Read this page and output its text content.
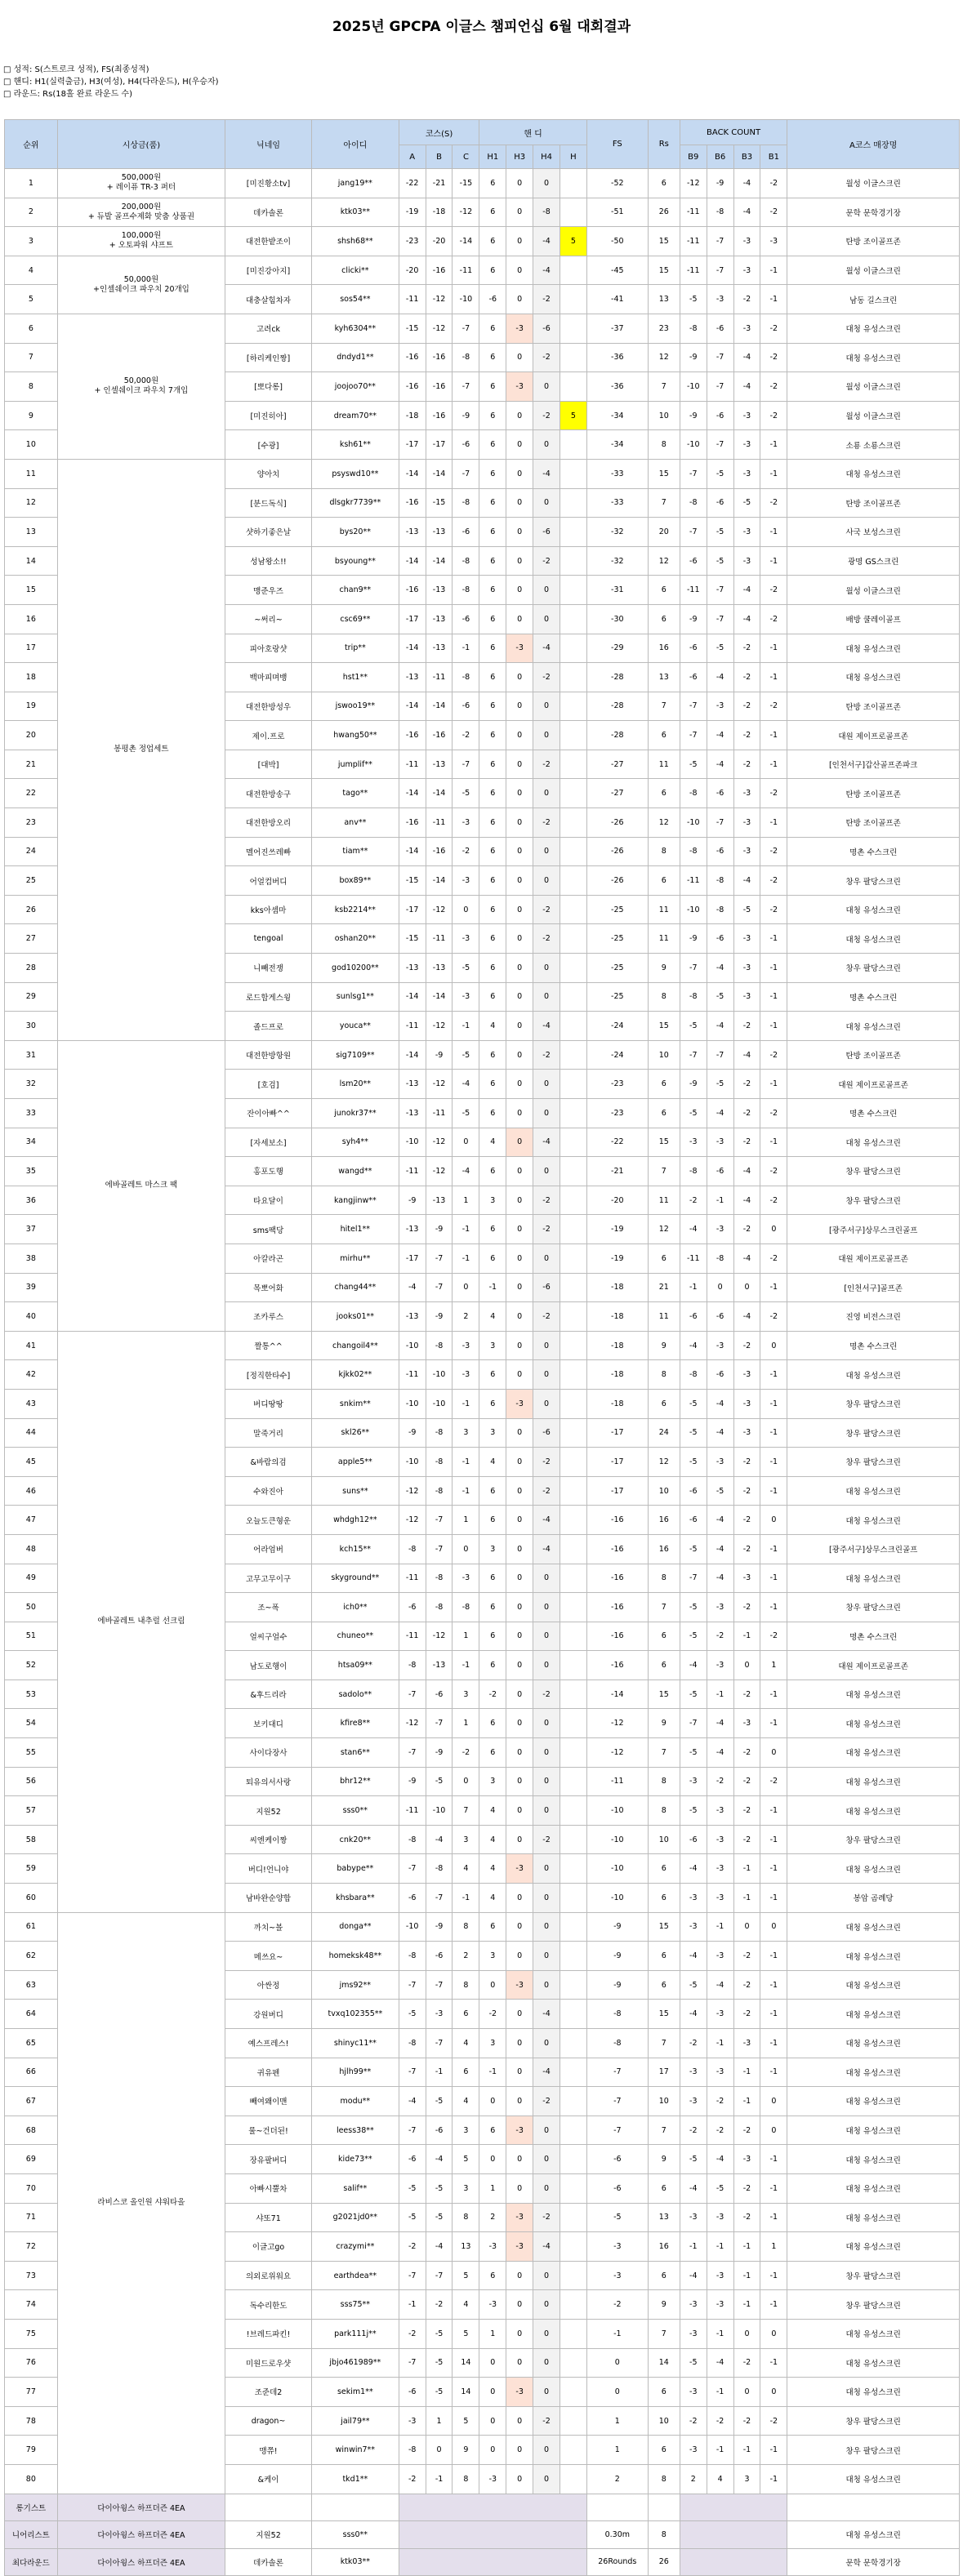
2025년 GPCPA 이글스 챔피언십 6월 대회결과
□ 성적: S(스트로크 성적), FS(최종성적)
□ 핸디: H1(실력출금), H3(여성), H4(다라운드), H(우승자)
□ 라운드: Rs(18홀 완료 라운드 수)
순위	시상금(품)	닉네임	아이디	코스(S)			핸 디				FS	Rs	BACK COUNT				A코스 매장명
				A	B	C	H1	H3	H4	H			B9	B6	B3	B1	
1	500,000원
+ 레이퓨 TR-3 퍼터	[미진황소tv]	jang19**	-22	-21	-15	6	0	0		-52	6	-12	-9	-4	-2	월성 이글스크린
2	200,000원
+ 듀발 골프수제화 맞춤 상품권	데카솔론	ktk03**	-19	-18	-12	6	0	-8		-51	26	-11	-8	-4	-2	문학 문학경기장
3	100,000원
+ 오토파워 샤프트	대전한밭조이	shsh68**	-23	-20	-14	6	0	-4	5	-50	15	-11	-7	-3	-3	탄방 조이골프존
4	50,000원
+인셀쉐이크 파우치 20개입	[미진강아지]	clicki**	-20	-16	-11	6	0	-4		-45	15	-11	-7	-3	-1	월성 이글스크린
5		대충살힘차자	sos54**	-11	-12	-10	-6	0	-2		-41	13	-5	-3	-2	-1	남동 길스크린
6	50,000원
+ 인셀쉐이크 파우치 7개입	고려ck	kyh6304**	-15	-12	-7	6	-3	-6		-37	23	-8	-6	-3	-2	대청 유성스크린
7		[하리케인짱]	dndyd1**	-16	-16	-8	6	0	-2		-36	12	-9	-7	-4	-2	대청 유성스크린
8		[뽀다롱]	joojoo70**	-16	-16	-7	6	-3	0		-36	7	-10	-7	-4	-2	월성 이글스크린
9		[미진히아]	dream70**	-18	-16	-9	6	0	-2	5	-34	10	-9	-6	-3	-2	월성 이글스크린
10		[수광]	ksh61**	-17	-17	-6	6	0	0		-34	8	-10	-7	-3	-1	소룡 소룡스크린
11	봉평촌 정업세트	양아치	psyswd10**	-14	-14	-7	6	0	-4		-33	15	-7	-5	-3	-1	대청 유성스크린
12		[분드독식]	dlsgkr7739**	-16	-15	-8	6	0	0		-33	7	-8	-6	-5	-2	탄방 조이골프존
13		샷하기좋은날	bys20**	-13	-13	-6	6	0	-6		-32	20	-7	-5	-3	-1	사국 보성스크린
14		성남왕소!!	bsyoung**	-14	-14	-8	6	0	-2		-32	12	-6	-5	-3	-1	광명 GS스크린
15		맹준우즈	chan9**	-16	-13	-8	6	0	0		-31	6	-11	-7	-4	-2	월성 이글스크린
16		~써리~	csc69**	-17	-13	-6	6	0	0		-30	6	-9	-7	-4	-2	배방 쿨레이골프
17		피아호랑샷	trip**	-14	-13	-1	6	-3	-4		-29	16	-6	-5	-2	-1	대청 유성스크린
18		백마피며뱅	hst1**	-13	-11	-8	6	0	-2		-28	13	-6	-4	-2	-1	대청 유성스크린
19		대전한방성우	jswoo19**	-14	-14	-6	6	0	0		-28	7	-7	-3	-2	-2	탄방 조이골프존
20		제이.프로	hwang50**	-16	-16	-2	6	0	0		-28	6	-7	-4	-2	-1	대원 제이프로골프존
21		[대박]	jumplif**	-11	-13	-7	6	0	-2		-27	11	-5	-4	-2	-1	[인천서구]갑산골프존파크
22		대전한방송구	tago**	-14	-14	-5	6	0	0		-27	6	-8	-6	-3	-2	탄방 조이골프존
23		대전한방오리	anv**	-16	-11	-3	6	0	-2		-26	12	-10	-7	-3	-1	탄방 조이골프존
24		멜어진쓰레빠	tiam**	-14	-16	-2	6	0	0		-26	8	-8	-6	-3	-2	명촌 수스크린
25		어얼컴버디	box89**	-15	-14	-3	6	0	0		-26	6	-11	-8	-4	-2	창우 팔당스크린
26		kks아셈마	ksb2214**	-17	-12	0	6	0	-2		-25	11	-10	-8	-5	-2	대청 유성스크린
27		tengoal	oshan20**	-15	-11	-3	6	0	-2		-25	11	-9	-6	-3	-1	대청 유성스크린
28		니빼전쟁	god10200**	-13	-13	-5	6	0	0		-25	9	-7	-4	-3	-1	창우 팔당스크린
29		로드합게스윙	sunlsg1**	-14	-14	-3	6	0	0		-25	8	-8	-5	-3	-1	명촌 수스크린
30		졸드프로	youca**	-11	-12	-1	4	0	-4		-24	15	-5	-4	-2	-1	대청 유성스크린
31	에바골레트 마스크 팩	대전한방항원	sig7109**	-14	-9	-5	6	0	-2		-24	10	-7	-7	-4	-2	탄방 조이골프존
32		[호검]	lsm20**	-13	-12	-4	6	0	0		-23	6	-9	-5	-2	-1	대원 제이프로골프존
33		잔이아빠^^	junokr37**	-13	-11	-5	6	0	0		-23	6	-5	-4	-2	-2	명촌 수스크린
34		[자세보소]	syh4**	-10	-12	0	4	0	-4		-22	15	-3	-3	-2	-1	대청 유성스크린
35		홍포도행	wangd**	-11	-12	-4	6	0	0		-21	7	-8	-6	-4	-2	창우 팔당스크린
36		타요달이	kangjinw**	-9	-13	1	3	0	-2		-20	11	-2	-1	-4	-2	창우 팔당스크린
37		sms팩당	hitel1**	-13	-9	-1	6	0	-2		-19	12	-4	-3	-2	0	[광주서구]상무스크린골프
38		아칼라곤	mirhu**	-17	-7	-1	6	0	0		-19	6	-11	-8	-4	-2	대원 제이프로골프존
39		목뽀어화	chang44**	-4	-7	0	-1	0	-6		-18	21	-1	0	0	-1	[인천서구]골프존
40		조카루스	jooks01**	-13	-9	2	4	0	-2		-18	11	-6	-6	-4	-2	진영 비전스크린
41	에바골레트 내추럴 선크림	짤통^^	changoil4**	-10	-8	-3	3	0	0		-18	9	-4	-3	-2	0	명촌 수스크린
42		[정직한타수]	kjkk02**	-11	-10	-3	6	0	0		-18	8	-8	-6	-3	-1	대청 유성스크린
43		버디땅땅	snkim**	-10	-10	-1	6	-3	0		-18	6	-5	-4	-3	-1	창우 팔당스크린
44		말죽거리	skl26**	-9	-8	3	3	0	-6		-17	24	-5	-4	-3	-1	창우 팔당스크린
45		&바람의검	apple5**	-10	-8	-1	4	0	-2		-17	12	-5	-3	-2	-1	창우 팔당스크린
46		수와진아	suns**	-12	-8	-1	6	0	-2		-17	10	-6	-5	-2	-1	대청 유성스크린
47		오늘도큰형운	whdgh12**	-12	-7	1	6	0	-4		-16	16	-6	-4	-2	0	대청 유성스크린
48		어라엄버	kch15**	-8	-7	0	3	0	-4		-16	16	-5	-4	-2	-1	[광주서구]상무스크린골프
49		고무고무이구	skyground**	-11	-8	-3	6	0	0		-16	8	-7	-4	-3	-1	대청 유성스크린
50		조~폭	ich0**	-6	-8	-8	6	0	0		-16	7	-5	-3	-2	-1	창우 팔당스크린
51		얼씨구얼수	chuneo**	-11	-12	1	6	0	0		-16	6	-5	-2	-1	-2	명촌 수스크린
52		남도로행이	htsa09**	-8	-13	-1	6	0	0		-16	6	-4	-3	0	1	대원 제이프로골프존
53		&후드리라	sadolo**	-7	-6	3	-2	0	-2		-14	15	-5	-1	-2	-1	대청 유성스크린
54		보키대디	kfire8**	-12	-7	1	6	0	0		-12	9	-7	-4	-3	-1	대청 유성스크린
55		사이다장사	stan6**	-7	-9	-2	6	0	0		-12	7	-5	-4	-2	0	대청 유성스크린
56		퇴유의서사랑	bhr12**	-9	-5	0	3	0	0		-11	8	-3	-2	-2	-2	대청 유성스크린
57		지원52	sss0**	-11	-10	7	4	0	0		-10	8	-5	-3	-2	-1	대청 유성스크린
58		씨엔케이짱	cnk20**	-8	-4	3	4	0	-2		-10	10	-6	-3	-2	-1	창우 팔당스크린
59		버디!언니야	babype**	-7	-8	4	4	-3	0		-10	6	-4	-3	-1	-1	대청 유성스크린
60		남바완순양합	khsbara**	-6	-7	-1	4	0	0		-10	6	-3	-3	-1	-1	봉암 곰례당
61	라비스코 올인원 샤워타올	까치~볼	donga**	-10	-9	8	6	0	0		-9	15	-3	-1	0	0	대청 유성스크린
62		메쓰요~	homeksk48**	-8	-6	2	3	0	0		-9	6	-4	-3	-2	-1	대청 유성스크린
63		아싼정	jms92**	-7	-7	8	0	-3	0		-9	6	-5	-4	-2	-1	대청 유성스크린
64		강원버디	tvxq102355**	-5	-3	6	-2	0	-4		-8	15	-4	-3	-2	-1	대청 유성스크린
65		예스프레스!	shinyc11**	-8	-7	4	3	0	0		-8	7	-2	-1	-3	-1	대청 유성스크린
66		귀유펜	hjlh99**	-7	-1	6	-1	0	-4		-7	17	-3	-3	-1	-1	대청 유성스크린
67		빼여왜이맨	modu**	-4	-5	4	0	0	-2		-7	10	-3	-2	-1	0	대청 유성스크린
68		룰~건더된!	leess38**	-7	-6	3	6	-3	0		-7	7	-2	-2	-2	0	대청 유성스크린
69		장유팔버디	kide73**	-6	-4	5	0	0	0		-6	9	-5	-4	-3	-1	대청 유성스크린
70		아빠시뿔차	salif**	-5	-5	3	1	0	0		-6	6	-4	-5	-2	-1	대청 유성스크린
71		샤또71	g2021jd0**	-5	-5	8	2	-3	-2		-5	13	-3	-3	-2	-1	대청 유성스크린
72		이글고go	crazymi**	-2	-4	13	-3	-3	-4		-3	16	-1	-1	-1	1	대청 유성스크린
73		의외로위워요	earthdea**	-7	-7	5	6	0	0		-3	6	-4	-3	-1	-1	창우 팔당스크린
74		독수리한도	sss75**	-1	-2	4	-3	0	0		-2	9	-3	-3	-1	-1	창우 팔당스크린
75		!브레드파킨!	park111j**	-2	-5	5	1	0	0		-1	7	-3	-1	0	0	대청 유성스크린
76		미원드로우샷	jbjo461989**	-7	-5	14	0	0	0		0	14	-5	-4	-2	-1	대청 유성스크린
77		조준데2	sekim1**	-6	-5	14	0	-3	0		0	6	-3	-1	0	0	대청 유성스크린
78		dragon~	jail79**	-3	1	5	0	0	-2		1	10	-2	-2	-2	-2	창우 팔당스크린
79		맹쮸!	winwin7**	-8	0	9	0	0	0		1	6	-3	-1	-1	-1	창우 팔당스크린
80		&케이	tkd1**	-2	-1	8	-3	0	0		2	8	2	4	3	-1	대청 유성스크린
롱기스트	다이아윙스 하프더즌 4EA																
니어리스트	다이아윙스 하프더즌 4EA	지원52	sss0**								0.30m	8					대청 유성스크린
최다라운드	다이아윙스 하프더즌 4EA	데카솔론	ktk03**								26Rounds	26					문학 문학경기장
